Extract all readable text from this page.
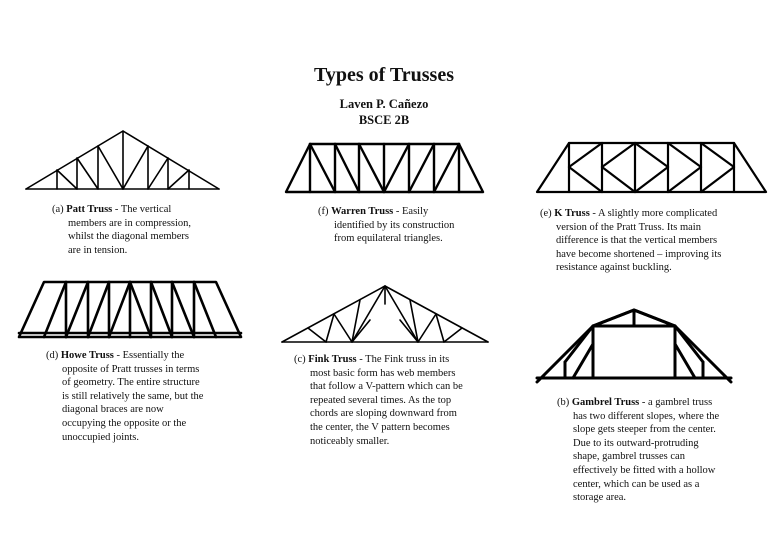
Types of Trusses
Laven P. Cañezo
BSCE 2B
(a) Patt Truss - The vertical
members are in compression,
whilst the diagonal members
are in tension.
(f) Warren Truss - Easily
identified by its construction
from equilateral triangles.
(e) K Truss - A slightly more complicated
version of the Pratt Truss. Its main
difference is that the vertical members
have become shortened – improving its
resistance against buckling.
(d) Howe Truss - Essentially the
opposite of Pratt trusses in terms
of geometry. The entire structure
is still relatively the same, but the
diagonal braces are now
occupying the opposite or the
unoccupied joints.
(c) Fink Truss - The Fink truss in its
most basic form has web members
that follow a V-pattern which can be
repeated several times. As the top
chords are sloping downward from
the center, the V pattern becomes
noticeably smaller.
(b) Gambrel Truss - a gambrel truss
has two different slopes, where the
slope gets steeper from the center.
Due to its outward-protruding
shape, gambrel trusses can
effectively be fitted with a hollow
center, which can be used as a
storage area.
